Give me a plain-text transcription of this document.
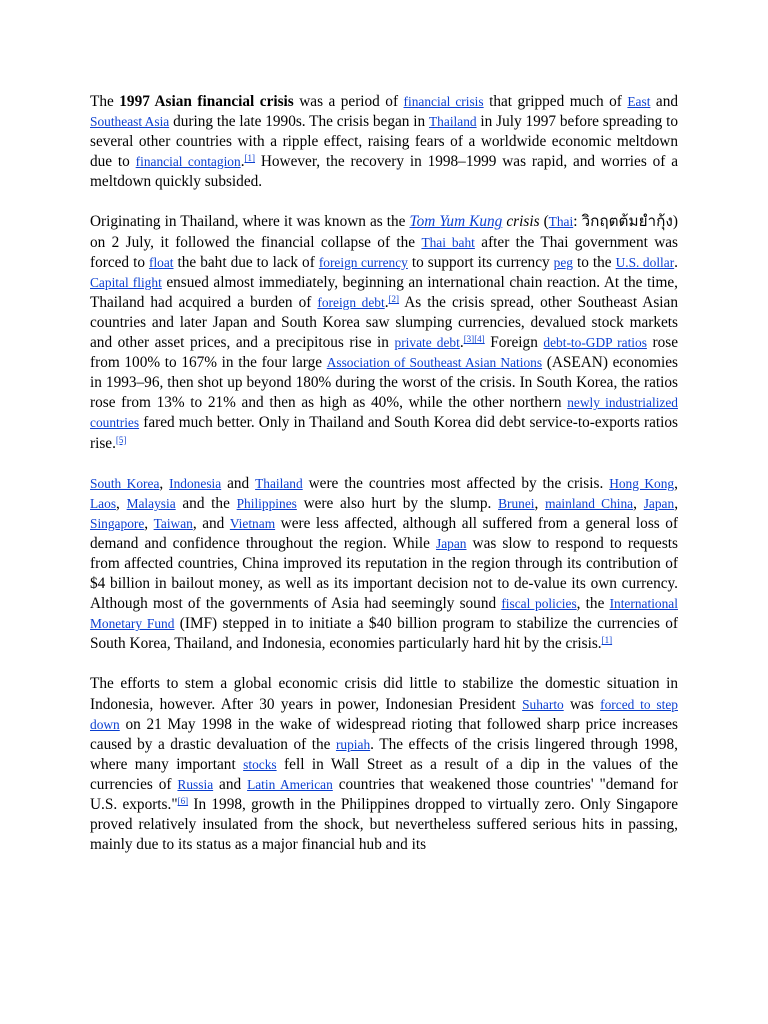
The 1997 Asian financial crisis was a period of financial crisis that gripped much of East and Southeast Asia during the late 1990s. The crisis began in Thailand in July 1997 before spreading to several other countries with a ripple effect, raising fears of a worldwide economic meltdown due to financial contagion.[1] However, the recovery in 1998–1999 was rapid, and worries of a meltdown quickly subsided.

Originating in Thailand, where it was known as the Tom Yum Kung crisis (Thai: วิกฤตต้มยำกุ้ง) on 2 July, it followed the financial collapse of the Thai baht after the Thai government was forced to float the baht due to lack of foreign currency to support its currency peg to the U.S. dollar. Capital flight ensued almost immediately, beginning an international chain reaction. At the time, Thailand had acquired a burden of foreign debt.[2] As the crisis spread, other Southeast Asian countries and later Japan and South Korea saw slumping currencies, devalued stock markets and other asset prices, and a precipitous rise in private debt.[3][4] Foreign debt-to-GDP ratios rose from 100% to 167% in the four large Association of Southeast Asian Nations (ASEAN) economies in 1993–96, then shot up beyond 180% during the worst of the crisis. In South Korea, the ratios rose from 13% to 21% and then as high as 40%, while the other northern newly industrialized countries fared much better. Only in Thailand and South Korea did debt service-to-exports ratios rise.[5]

South Korea, Indonesia and Thailand were the countries most affected by the crisis. Hong Kong, Laos, Malaysia and the Philippines were also hurt by the slump. Brunei, mainland China, Japan, Singapore, Taiwan, and Vietnam were less affected, although all suffered from a general loss of demand and confidence throughout the region. While Japan was slow to respond to requests from affected countries, China improved its reputation in the region through its contribution of $4 billion in bailout money, as well as its important decision not to de-value its own currency. Although most of the governments of Asia had seemingly sound fiscal policies, the International Monetary Fund (IMF) stepped in to initiate a $40 billion program to stabilize the currencies of South Korea, Thailand, and Indonesia, economies particularly hard hit by the crisis.[1]

The efforts to stem a global economic crisis did little to stabilize the domestic situation in Indonesia, however. After 30 years in power, Indonesian President Suharto was forced to step down on 21 May 1998 in the wake of widespread rioting that followed sharp price increases caused by a drastic devaluation of the rupiah. The effects of the crisis lingered through 1998, where many important stocks fell in Wall Street as a result of a dip in the values of the currencies of Russia and Latin American countries that weakened those countries' "demand for U.S. exports."[6] In 1998, growth in the Philippines dropped to virtually zero. Only Singapore proved relatively insulated from the shock, but nevertheless suffered serious hits in passing, mainly due to its status as a major financial hub and its
